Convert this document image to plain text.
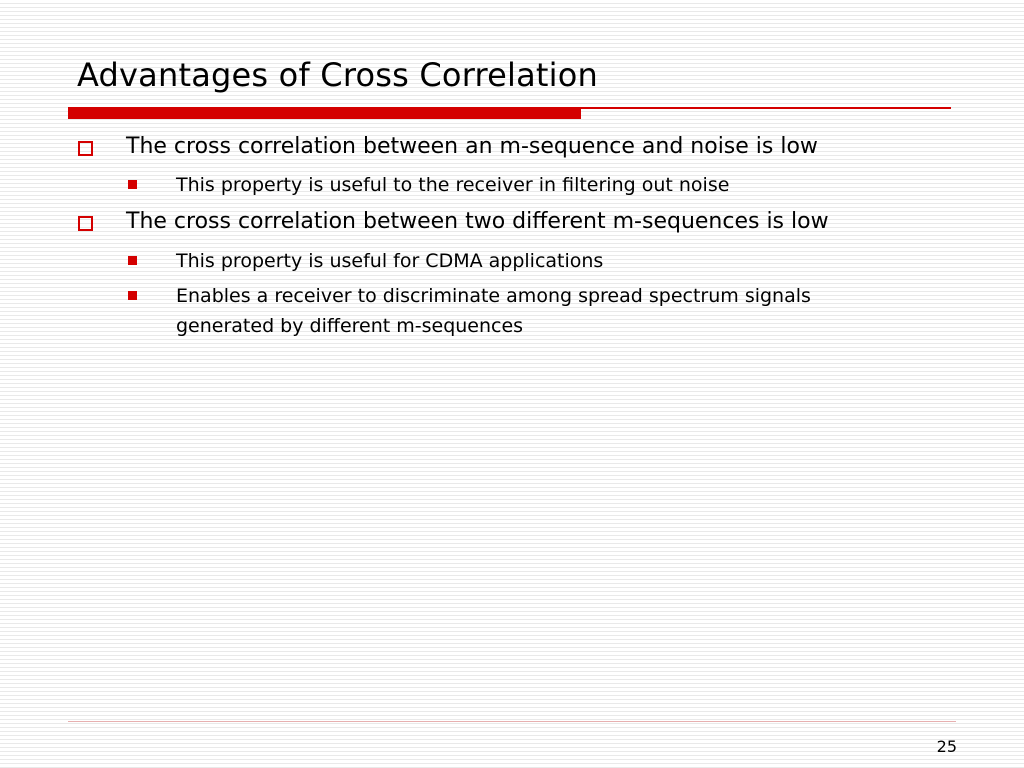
Advantages of Cross Correlation
The cross correlation between an m-sequence and noise is low
This property is useful to the receiver in filtering out noise
The cross correlation between two different m-sequences is low
This property is useful for CDMA applications
Enables a receiver to discriminate among spread spectrum signals
generated by different m-sequences
25
